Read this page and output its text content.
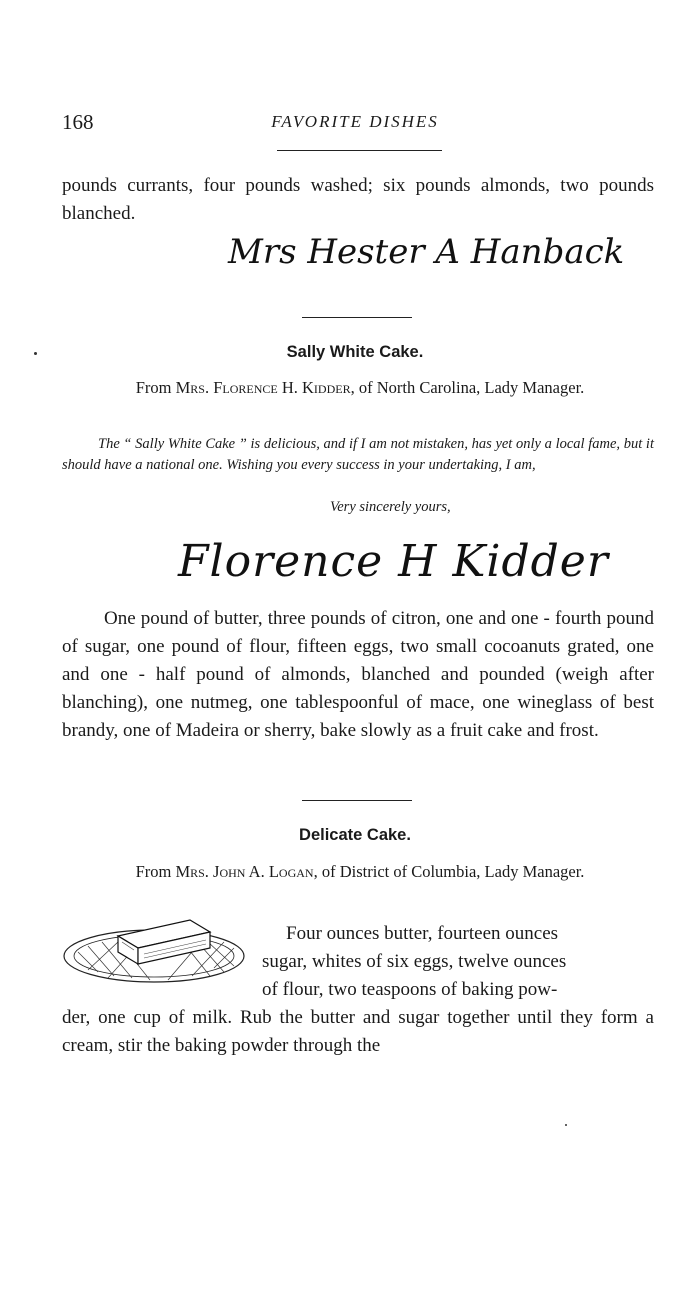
168	FAVORITE DISHES
pounds currants, four pounds washed; six pounds almonds, two pounds blanched.
Mrs Hester A Hanback
Sally White Cake.
From Mrs. Florence H. Kidder, of North Carolina, Lady Manager.
The “ Sally White Cake ” is delicious, and if I am not mistaken, has yet only a local fame, but it should have a national one. Wishing you every success in your undertaking, I am,
Very sincerely yours,
Florence H Kidder
One pound of butter, three pounds of citron, one and one - fourth pound of sugar, one pound of flour, fifteen eggs, two small cocoanuts grated, one and one - half pound of almonds, blanched and pounded (weigh after blanching), one nutmeg, one tablespoonful of mace, one wineglass of best brandy, one of Madeira or sherry, bake slowly as a fruit cake and frost.
Delicate Cake.
From Mrs. John A. Logan, of District of Columbia, Lady Manager.
Four ounces butter, fourteen ounces
sugar, whites of six eggs, twelve ounces
of flour, two teaspoons of baking pow-
der, one cup of milk. Rub the butter and sugar together until they form a cream, stir the baking powder through the
